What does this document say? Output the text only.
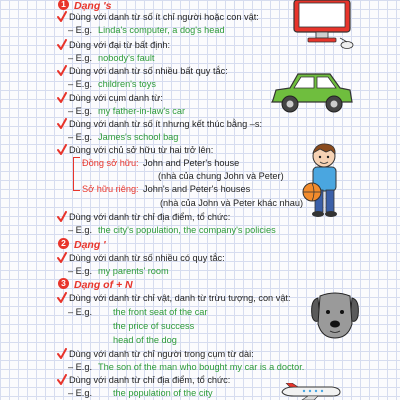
1 Dạng 's
Dùng với danh từ số ít chỉ người hoặc con vật:
– E.g. Linda's computer, a dog's head
Dùng với đại từ bất định:
– E.g. nobody's fault
Dùng với danh từ số nhiều bất quy tắc:
– E.g. children's toys
Dùng với cụm danh từ:
– E.g. my father-in-law's car
Dùng với danh từ số ít nhưng kết thúc bằng –s:
– E.g. James's school bag
Dùng với chủ sở hữu từ hai trở lên:
Đồng sở hữu: John and Peter's house
(nhà của chung John và Peter)
Sở hữu riêng: John's and Peter's houses
(nhà của John và Peter khác nhau)
Dùng với danh từ chỉ địa điểm, tổ chức:
– E.g. the city's population, the company's policies
2 Dạng '
Dùng với danh từ số nhiều có quy tắc:
– E.g. my parents' room
3 Dạng of + N
Dùng với danh từ chỉ vật, danh từ trừu tượng, con vật:
– E.g. the front seat of the car
the price of success
head of the dog
Dùng với danh từ chỉ người trong cụm từ dài:
– E.g. The son of the man who bought my car is a doctor.
Dùng với danh từ chỉ địa điểm, tổ chức:
– E.g. the population of the city
